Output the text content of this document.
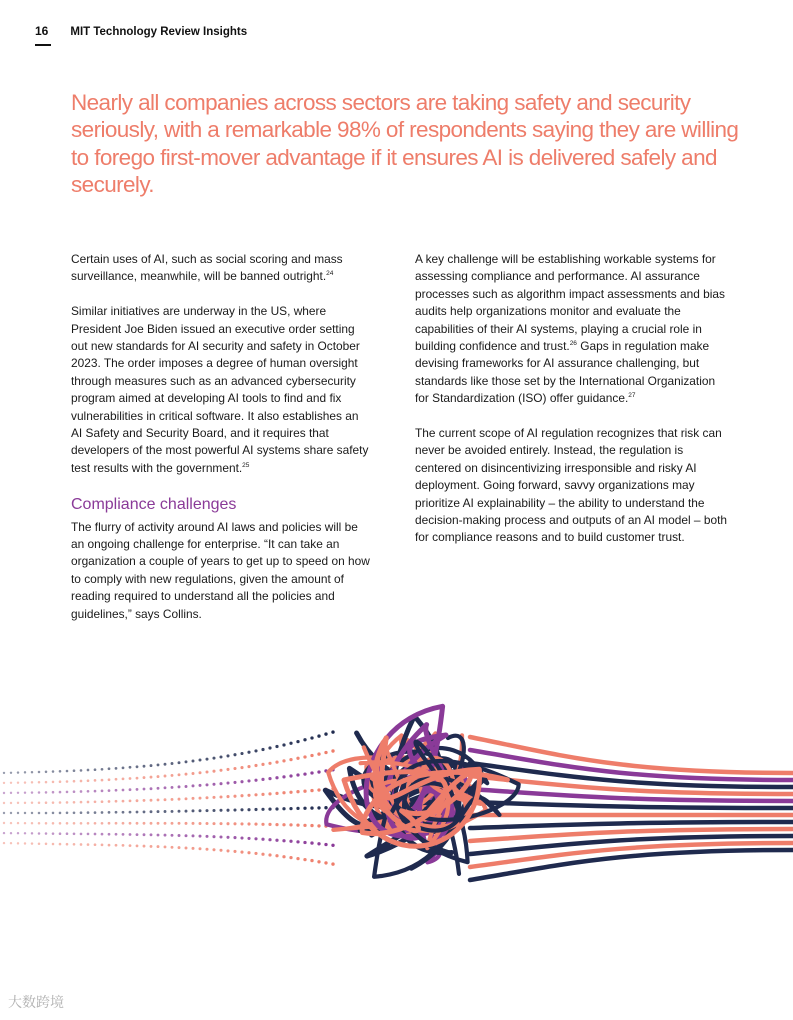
16 MIT Technology Review Insights
Nearly all companies across sectors are taking safety and security seriously, with a remarkable 98% of respondents saying they are willing to forego first-mover advantage if it ensures AI is delivered safely and securely.

Certain uses of AI, such as social scoring and mass surveillance, meanwhile, will be banned outright.$^{24}$

Similar initiatives are underway in the US, where President Joe Biden issued an executive order setting out new standards for AI security and safety in October 2023. The order imposes a degree of human oversight through measures such as an advanced cybersecurity program aimed at developing AI tools to find and fix vulnerabilities in critical software. It also establishes an AI Safety and Security Board, and it requires that developers of the most powerful AI systems share safety test results with the government.$^{25}$

Compliance challenges

The flurry of activity around AI laws and policies will be an ongoing challenge for enterprise. “It can take an organization a couple of years to get up to speed on how to comply with new regulations, given the amount of reading required to understand all the policies and guidelines,” says Collins.

A key challenge will be establishing workable systems for assessing compliance and performance. AI assurance processes such as algorithm impact assessments and bias audits help organizations monitor and evaluate the capabilities of their AI systems, playing a crucial role in building confidence and trust.$^{26}$ Gaps in regulation make devising frameworks for AI assurance challenging, but standards like those set by the International Organization for Standardization (ISO) offer guidance.$^{27}$

The current scope of AI regulation recognizes that risk can never be avoided entirely. Instead, the regulation is centered on disincentivizing irresponsible and risky AI deployment. Going forward, savvy organizations may prioritize AI explainability – the ability to understand the decision-making process and outputs of an AI model – both for compliance reasons and to build customer trust.

大数跨境
